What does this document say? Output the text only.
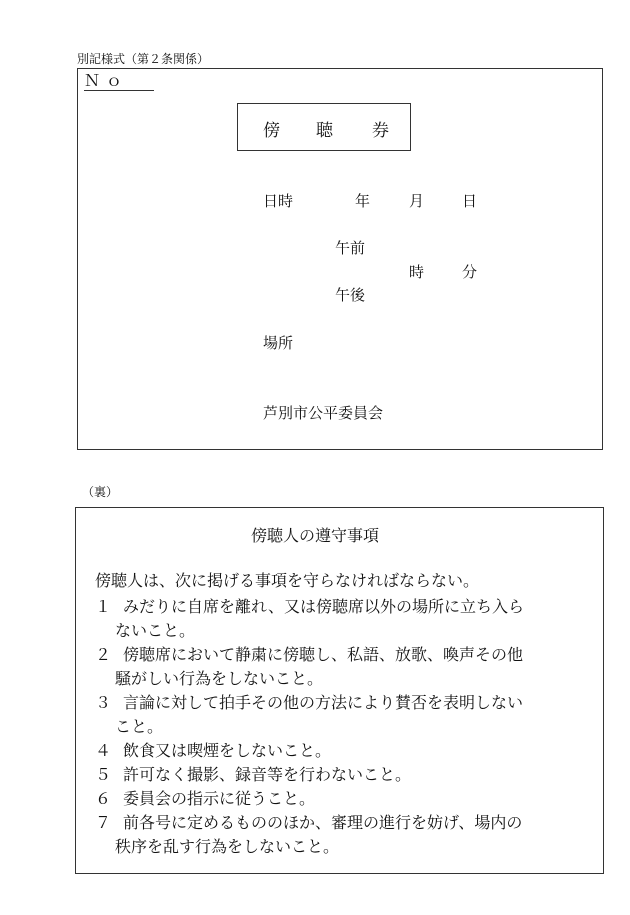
別記様式（第２条関係）
Ｎｏ
傍 聴 券
日時	年	月	日
午前
時	分
午後
場所
芦別市公平委員会
（裏）
傍聴人の遵守事項
傍聴人は、次に掲げる事項を守らなければならない。
１ みだりに自席を離れ、又は傍聴席以外の場所に立ち入ら
ないこと。
２ 傍聴席において静粛に傍聴し、私語、放歌、喚声その他
騒がしい行為をしないこと。
３ 言論に対して拍手その他の方法により賛否を表明しない
こと。
４ 飲食又は喫煙をしないこと。
５ 許可なく撮影、録音等を行わないこと。
６ 委員会の指示に従うこと。
７ 前各号に定めるもののほか、審理の進行を妨げ、場内の
秩序を乱す行為をしないこと。
